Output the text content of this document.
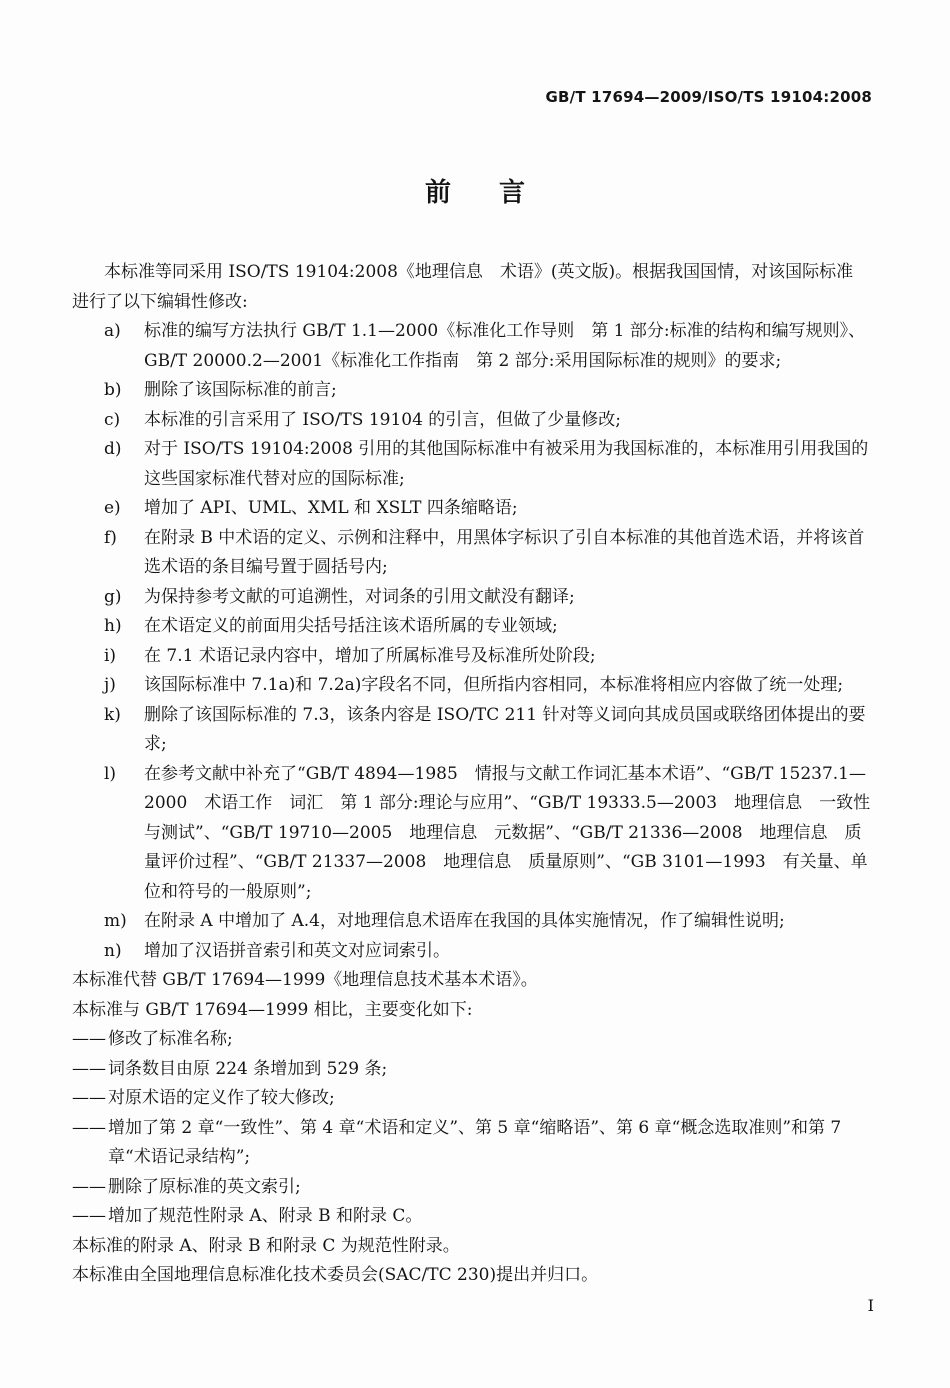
GB/T 17694—2009/ISO/TS 19104:2008
前言
本标准等同采用 ISO/TS 19104:2008《地理信息　术语》(英文版)。根据我国国情，对该国际标准
进行了以下编辑性修改:
a)	标准的编写方法执行 GB/T 1.1—2000《标准化工作导则　第 1 部分:标准的结构和编写规则》、GB/T 20000.2—2001《标准化工作指南　第 2 部分:采用国际标准的规则》的要求;
b)	删除了该国际标准的前言;
c)	本标准的引言采用了 ISO/TS 19104 的引言，但做了少量修改;
d)	对于 ISO/TS 19104:2008 引用的其他国际标准中有被采用为我国标准的，本标准用引用我国的这些国家标准代替对应的国际标准;
e)	增加了 API、UML、XML 和 XSLT 四条缩略语;
f)	在附录 B 中术语的定义、示例和注释中，用黑体字标识了引自本标准的其他首选术语，并将该首选术语的条目编号置于圆括号内;
g)	为保持参考文献的可追溯性，对词条的引用文献没有翻译;
h)	在术语定义的前面用尖括号括注该术语所属的专业领域;
i)	在 7.1 术语记录内容中，增加了所属标准号及标准所处阶段;
j)	该国际标准中 7.1a)和 7.2a)字段名不同，但所指内容相同，本标准将相应内容做了统一处理;
k)	删除了该国际标准的 7.3，该条内容是 ISO/TC 211 针对等义词向其成员国或联络团体提出的要求;
l)	在参考文献中补充了“GB/T 4894—1985　情报与文献工作词汇基本术语”、“GB/T 15237.1—2000　术语工作　词汇　第 1 部分:理论与应用”、“GB/T 19333.5—2003　地理信息　一致性与测试”、“GB/T 19710—2005　地理信息　元数据”、“GB/T 21336—2008　地理信息　质量评价过程”、“GB/T 21337—2008　地理信息　质量原则”、“GB 3101—1993　有关量、单位和符号的一般原则”;
m)	在附录 A 中增加了 A.4，对地理信息术语库在我国的具体实施情况，作了编辑性说明;
n)	增加了汉语拼音索引和英文对应词索引。
本标准代替 GB/T 17694—1999《地理信息技术基本术语》。
本标准与 GB/T 17694—1999 相比，主要变化如下:
—— 修改了标准名称;
—— 词条数目由原 224 条增加到 529 条;
—— 对原术语的定义作了较大修改;
—— 增加了第 2 章“一致性”、第 4 章“术语和定义”、第 5 章“缩略语”、第 6 章“概念选取准则”和第 7 章“术语记录结构”;
—— 删除了原标准的英文索引;
—— 增加了规范性附录 A、附录 B 和附录 C。
本标准的附录 A、附录 B 和附录 C 为规范性附录。
本标准由全国地理信息标准化技术委员会(SAC/TC 230)提出并归口。
I
